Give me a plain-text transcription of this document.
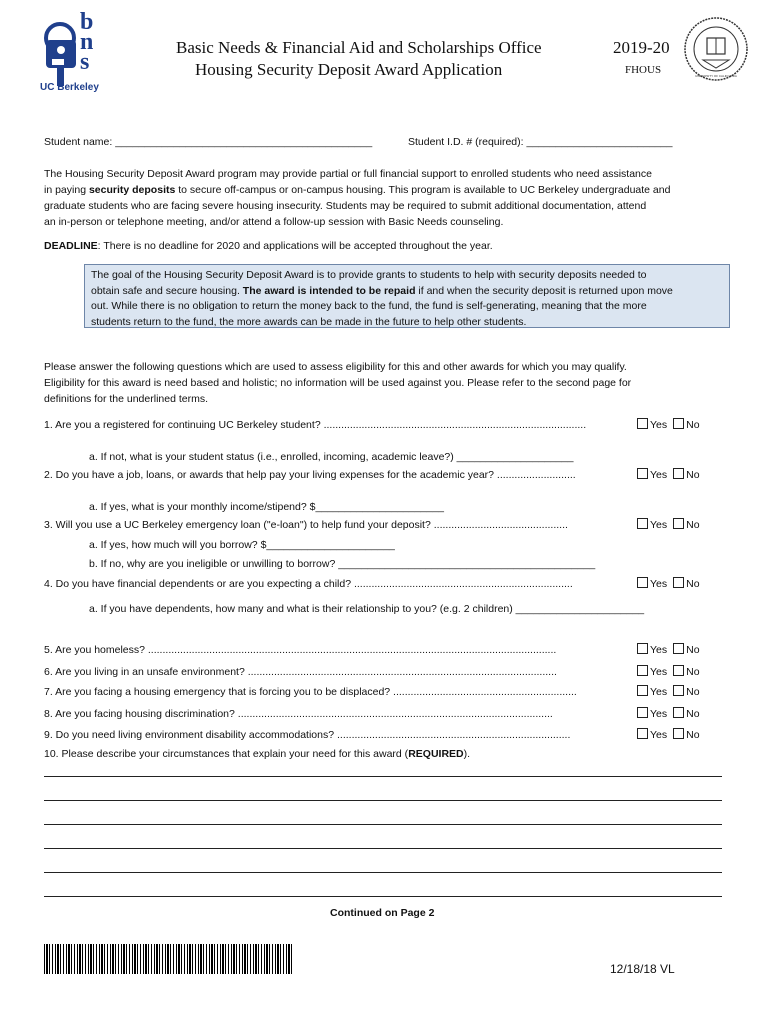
bns
UC Berkeley
Basic Needs & Financial Aid and Scholarships Office
Housing Security Deposit Award Application
2019-20
FHOUS	UNIVERSITY OF CALIFORNIA
Student name: ____________________________________________	Student I.D. # (required): _________________________
The Housing Security Deposit Award program may provide partial or full financial support to enrolled students who need assistance
in paying security deposits to secure off-campus or on-campus housing. This program is available to UC Berkeley undergraduate and
graduate students who are facing severe housing insecurity. Students may be required to submit additional documentation, attend
an in-person or telephone meeting, and/or attend a follow-up session with Basic Needs counseling.
DEADLINE: There is no deadline for 2020 and applications will be accepted throughout the year.
The goal of the Housing Security Deposit Award is to provide grants to students to help with security deposits needed to
obtain safe and secure housing. The award is intended to be repaid if and when the security deposit is returned upon move
out. While there is no obligation to return the money back to the fund, the fund is self-generating, meaning that the more
students return to the fund, the more awards can be made in the future to help other students.
Please answer the following questions which are used to assess eligibility for this and other awards for which you may qualify.
Eligibility for this award is need based and holistic; no information will be used against you. Please refer to the second page for
definitions for the underlined terms.
1. Are you a registered for continuing UC Berkeley student? ..........................................................................................	Yes No
a. If not, what is your student status (i.e., enrolled, incoming, academic leave?) ____________________
2. Do you have a job, loans, or awards that help pay your living expenses for the academic year? ...........................	Yes No
a. If yes, what is your monthly income/stipend? $______________________
3. Will you use a UC Berkeley emergency loan ("e-loan") to help fund your deposit? ..............................................	Yes No
a. If yes, how much will you borrow? $______________________
b. If no, why are you ineligible or unwilling to borrow? ____________________________________________
4. Do you have financial dependents or are you expecting a child? ...........................................................................	Yes No
a. If you have dependents, how many and what is their relationship to you? (e.g. 2 children) ______________________
5. Are you homeless? ............................................................................................................................................	Yes No
6. Are you living in an unsafe environment? ..........................................................................................................	Yes No
7. Are you facing a housing emergency that is forcing you to be displaced? ...............................................................	Yes No
8. Are you facing housing discrimination? ............................................................................................................	Yes No
9. Do you need living environment disability accommodations? ................................................................................	Yes No
10. Please describe your circumstances that explain your need for this award (REQUIRED).
Continued on Page 2
12/18/18 VL
